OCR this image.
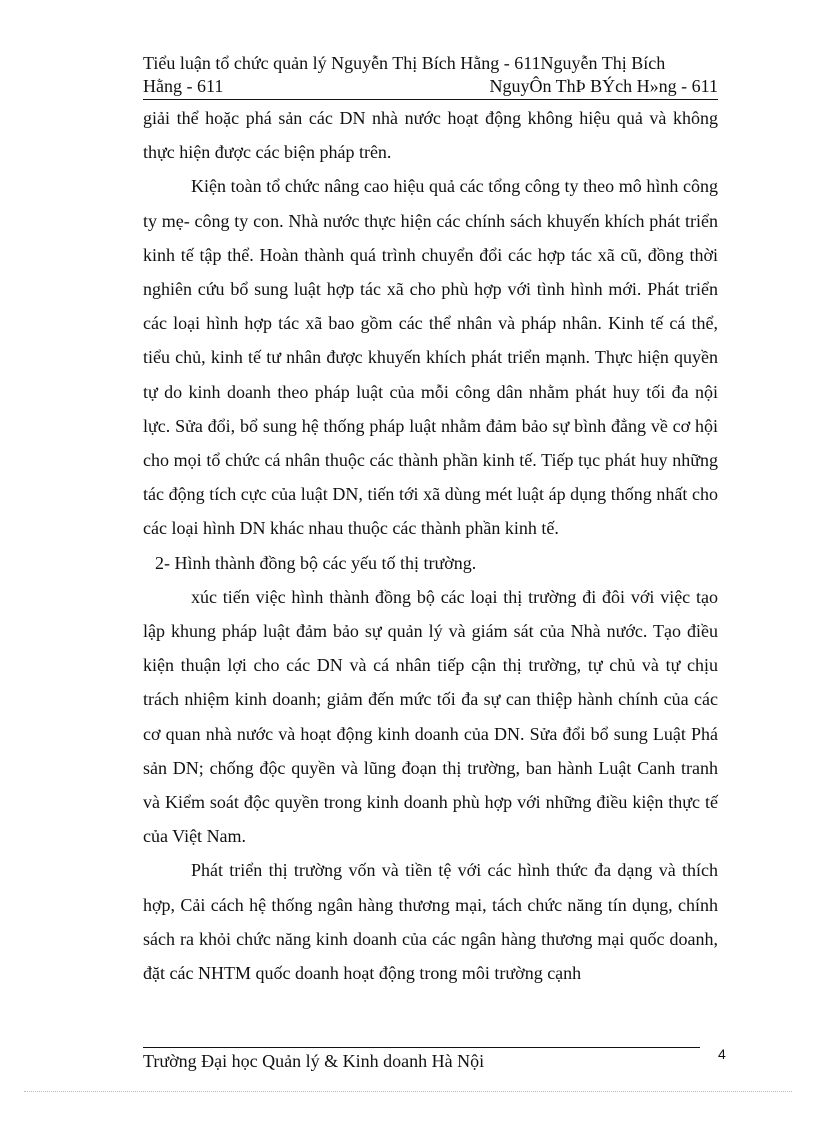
Tiểu luận tổ chức quản lý Nguyễn Thị Bích Hằng - 611Nguyễn Thị Bích
Hằng - 611	NguyÔn ThÞ BÝch H»ng - 611

giải thể hoặc phá sản các DN nhà nước hoạt động không hiệu quả và không thực hiện được các biện pháp trên.

Kiện toàn tổ chức nâng cao hiệu quả các tổng công ty theo mô hình công ty mẹ- công ty con. Nhà nước thực hiện các chính sách khuyến khích phát triển kinh tế tập thể. Hoàn thành quá trình chuyển đổi các hợp tác xã cũ, đồng thời nghiên cứu bổ sung luật hợp tác xã cho phù hợp với tình hình mới. Phát triển các loại hình hợp tác xã bao gồm các thể nhân và pháp nhân. Kinh tế cá thể, tiểu chủ, kinh tế tư nhân được khuyến khích phát triển mạnh. Thực hiện quyền tự do kinh doanh theo pháp luật của mỗi công dân nhằm phát huy tối đa nội lực. Sửa đổi, bổ sung hệ thống pháp luật nhằm đảm bảo sự bình đẳng về cơ hội cho mọi tổ chức cá nhân thuộc các thành phần kinh tế. Tiếp tục phát huy những tác động tích cực của luật DN, tiến tới xã dùng mét luật áp dụng thống nhất cho các loại hình DN khác nhau thuộc các thành phần kinh tế.

2- Hình thành đồng bộ các yếu tố thị trường.

xúc tiến việc hình thành đồng bộ các loại thị trường đi đôi với việc tạo lập khung pháp luật đảm bảo sự quản lý và giám sát của Nhà nước. Tạo điều kiện thuận lợi cho các DN và cá nhân tiếp cận thị trường, tự chủ và tự chịu trách nhiệm kinh doanh; giảm đến mức tối đa sự can thiệp hành chính của các cơ quan nhà nước và hoạt động kinh doanh của DN. Sửa đổi bổ sung Luật Phá sản DN; chống độc quyền và lũng đoạn thị trường, ban hành Luật Canh tranh và Kiểm soát độc quyền trong kinh doanh phù hợp với những điều kiện thực tế của Việt Nam.

Phát triển thị trường vốn và tiền tệ với các hình thức đa dạng và thích hợp, Cải cách hệ thống ngân hàng thương mại, tách chức năng tín dụng, chính sách ra khỏi chức năng kinh doanh của các ngân hàng thương mại quốc doanh, đặt các NHTM quốc doanh hoạt động trong môi trường cạnh

Trường Đại học Quản lý & Kinh doanh Hà Nội	4
